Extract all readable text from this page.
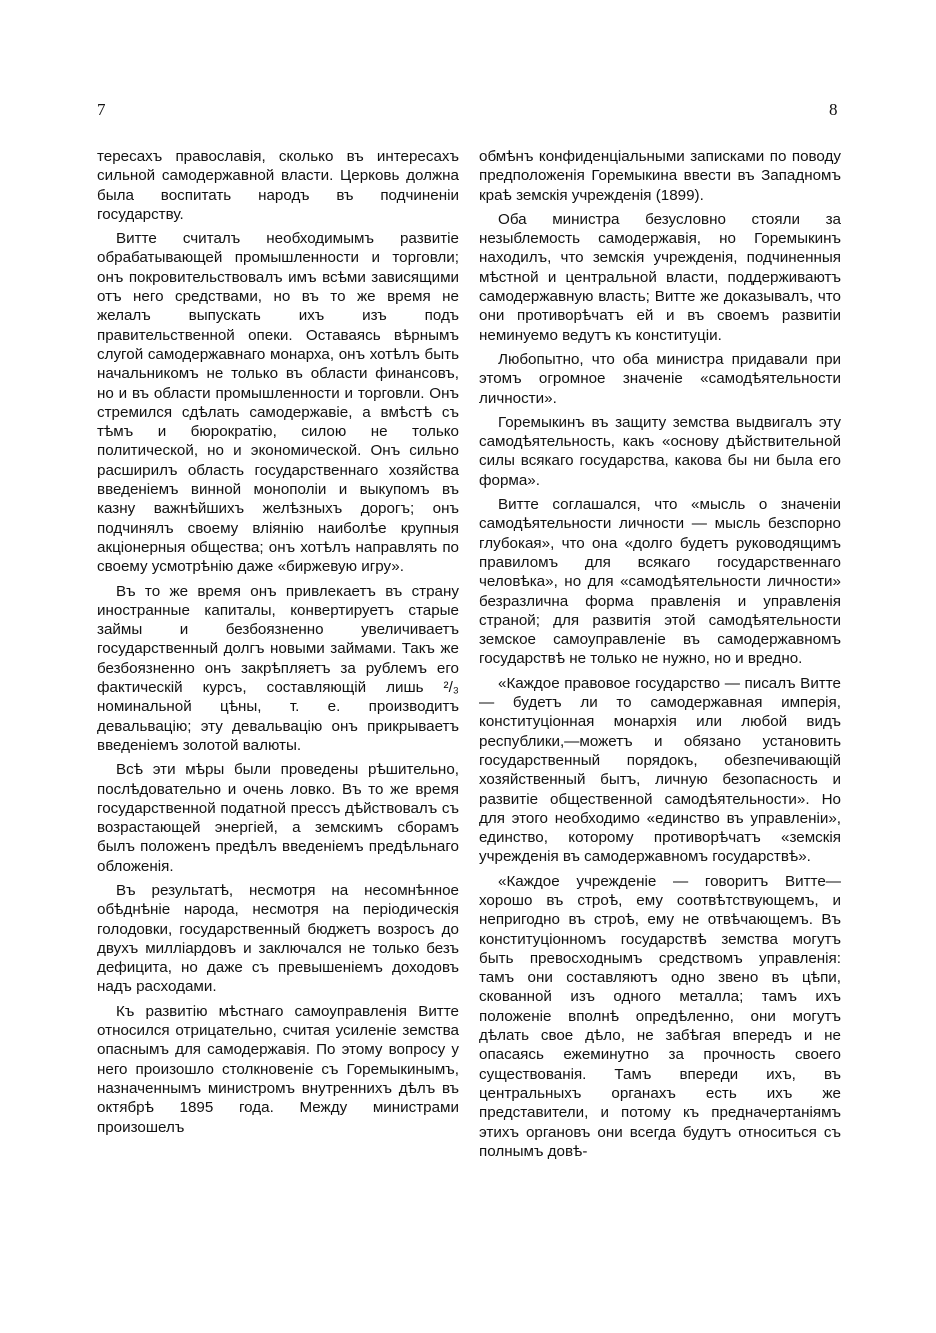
7	8

тересахъ православія, сколько въ интересахъ сильной самодержавной власти. Церковь должна была воспитать народъ въ подчиненіи государству.

Витте считалъ необходимымъ развитіе обрабатывающей промышленности и торговли; онъ покровительствовалъ имъ всѣми зависящими отъ него средствами, но въ то же время не желалъ выпускать ихъ изъ подъ правительственной опеки. Оставаясь вѣрнымъ слугой самодержавнаго монарха, онъ хотѣлъ быть начальникомъ не только въ области финансовъ, но и въ области промышленности и торговли. Онъ стремился сдѣлать самодержавіе, а вмѣстѣ съ тѣмъ и бюрократію, силою не только политической, но и экономической. Онъ сильно расширилъ область государственнаго хозяйства введеніемъ винной монополіи и выкупомъ въ казну важнѣйшихъ желѣзныхъ дорогъ; онъ подчинялъ своему вліянію наиболѣе крупныя акціонерныя общества; онъ хотѣлъ направлять по своему усмотрѣнію даже «биржевую игру».

Въ то же время онъ привлекаетъ въ страну иностранные капиталы, конвертируетъ старые займы и безбоязненно увеличиваетъ государственный долгъ новыми займами. Такъ же безбоязненно онъ закрѣпляетъ за рублемъ его фактическій курсъ, составляющій лишь ²/₃ номинальной цѣны, т. е. производитъ девальвацію; эту девальвацію онъ прикрываетъ введеніемъ золотой валюты.

Всѣ эти мѣры были проведены рѣшительно, послѣдовательно и очень ловко. Въ то же время государственной податной прессъ дѣйствовалъ съ возрастающей энергіей, а земскимъ сборамъ былъ положенъ предѣлъ введеніемъ предѣльнаго обложенія.

Въ результатѣ, несмотря на несомнѣнное обѣднѣніе народа, несмотря на періодическія голодовки, государственный бюджетъ возросъ до двухъ милліардовъ и заключался не только безъ дефицита, но даже съ превышеніемъ доходовъ надъ расходами.

Къ развитію мѣстнаго самоуправленія Витте относился отрицательно, считая усиленіе земства опаснымъ для самодержавія. По этому вопросу у него произошло столкновеніе съ Горемыкинымъ, назначеннымъ министромъ внутреннихъ дѣлъ въ октябрѣ 1895 года. Между министрами произошелъ

обмѣнъ конфиденціальными записками по поводу предположенія Горемыкина ввести въ Западномъ краѣ земскія учрежденія (1899).

Оба министра безусловно стояли за незыблемость самодержавія, но Горемыкинъ находилъ, что земскія учрежденія, подчиненныя мѣстной и центральной власти, поддерживаютъ самодержавную власть; Витте же доказывалъ, что они противорѣчатъ ей и въ своемъ развитіи неминуемо ведутъ къ конституціи.

Любопытно, что оба министра придавали при этомъ огромное значеніе «самодѣятельности личности».

Горемыкинъ въ защиту земства выдвигалъ эту самодѣятельность, какъ «основу дѣйствительной силы всякаго государства, какова бы ни была его форма».

Витте соглашался, что «мысль о значеніи самодѣятельности личности — мысль безспорно глубокая», что она «долго будетъ руководящимъ правиломъ для всякаго государственнаго человѣка», но для «самодѣятельности личности» безразлична форма правленія и управленія страной; для развитія этой самодѣятельности земское самоуправленіе въ самодержавномъ государствѣ не только не нужно, но и вредно.

«Каждое правовое государство — писалъ Витте — будетъ ли то самодержавная имперія, конституціонная монархія или любой видъ республики,—можетъ и обязано установить государственный порядокъ, обезпечивающій хозяйственный бытъ, личную безопасность и развитіе общественной самодѣятельности». Но для этого необходимо «единство въ управленіи», единство, которому противорѣчатъ «земскія учрежденія въ самодержавномъ государствѣ».

«Каждое учрежденіе — говоритъ Витте— хорошо въ строѣ, ему соотвѣтствующемъ, и непригодно въ строѣ, ему не отвѣчающемъ. Въ конституціонномъ государствѣ земства могутъ быть превосходнымъ средствомъ управленія: тамъ они составляютъ одно звено въ цѣпи, скованной изъ одного металла; тамъ ихъ положеніе вполнѣ опредѣленно, они могутъ дѣлать свое дѣло, не забѣгая впередъ и не опасаясь ежеминутно за прочность своего существованія. Тамъ впереди ихъ, въ центральныхъ органахъ есть ихъ же представители, и потому къ предначертаніямъ этихъ органовъ они всегда будутъ относиться съ полнымъ довѣ-
